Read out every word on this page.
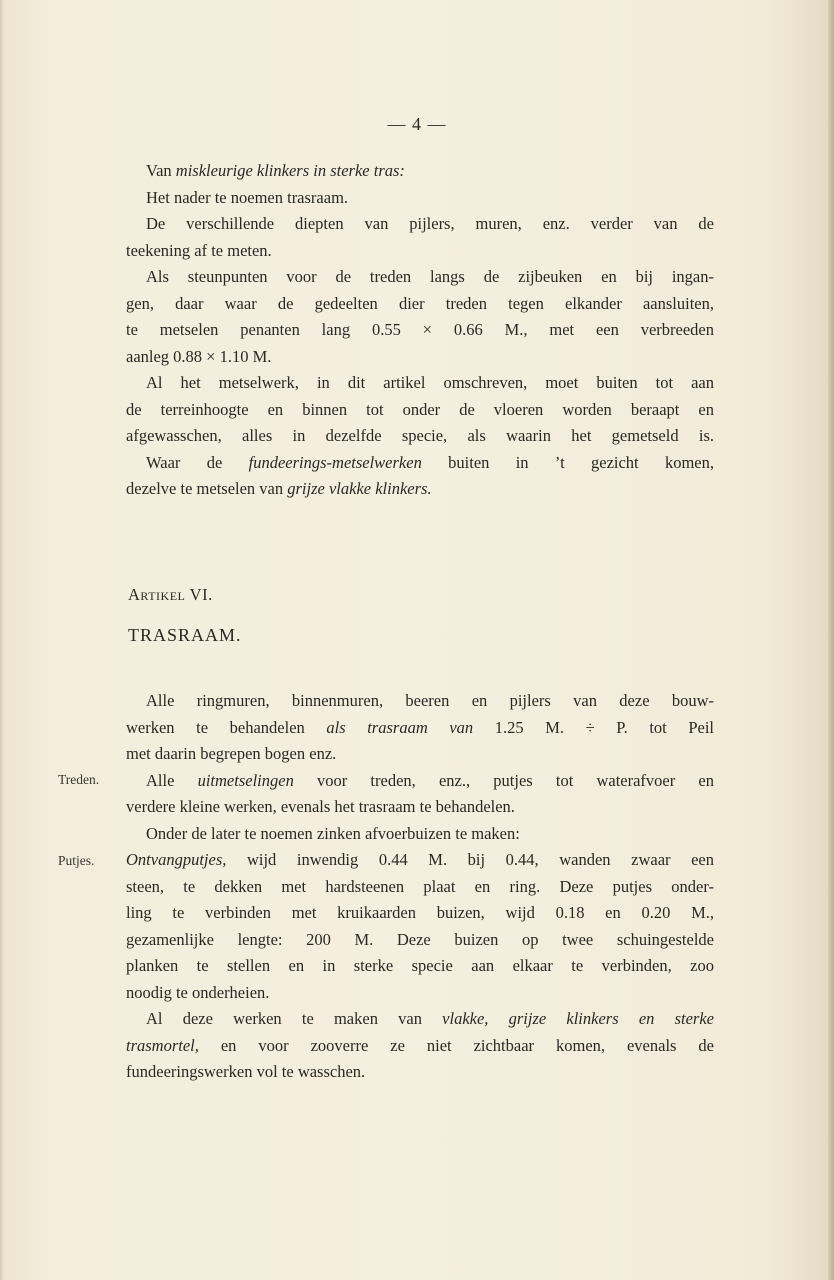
— 4 —
Van miskleurige klinkers in sterke tras:
Het nader te noemen trasraam.
De verschillende diepten van pijlers, muren, enz. verder van de
teekening af te meten.
Als steunpunten voor de treden langs de zijbeuken en bij ingan-
gen, daar waar de gedeelten dier treden tegen elkander aansluiten,
te metselen penanten lang 0.55 × 0.66 M., met een verbreeden
aanleg 0.88 × 1.10 M.
Al het metselwerk, in dit artikel omschreven, moet buiten tot aan
de terreinhoogte en binnen tot onder de vloeren worden beraapt en
afgewasschen, alles in dezelfde specie, als waarin het gemetseld is.
Waar de fundeerings-metselwerken buiten in ’t gezicht komen,
dezelve te metselen van grijze vlakke klinkers.
Artikel VI.
TRASRAAM.
Alle ringmuren, binnenmuren, beeren en pijlers van deze bouw-
werken te behandelen als trasraam van 1.25 M. ÷ P. tot Peil
met daarin begrepen bogen enz.
Alle uitmetselingen voor treden, enz., putjes tot waterafvoer en
verdere kleine werken, evenals het trasraam te behandelen.
Onder de later te noemen zinken afvoerbuizen te maken:
Ontvangputjes, wijd inwendig 0.44 M. bij 0.44, wanden zwaar een
steen, te dekken met hardsteenen plaat en ring. Deze putjes onder-
ling te verbinden met kruikaarden buizen, wijd 0.18 en 0.20 M.,
gezamenlijke lengte: 200 M. Deze buizen op twee schuingestelde
planken te stellen en in sterke specie aan elkaar te verbinden, zoo
noodig te onderheien.
Al deze werken te maken van vlakke, grijze klinkers en sterke
trasmortel, en voor zooverre ze niet zichtbaar komen, evenals de
fundeeringswerken vol te wasschen.
Treden.
Putjes.
